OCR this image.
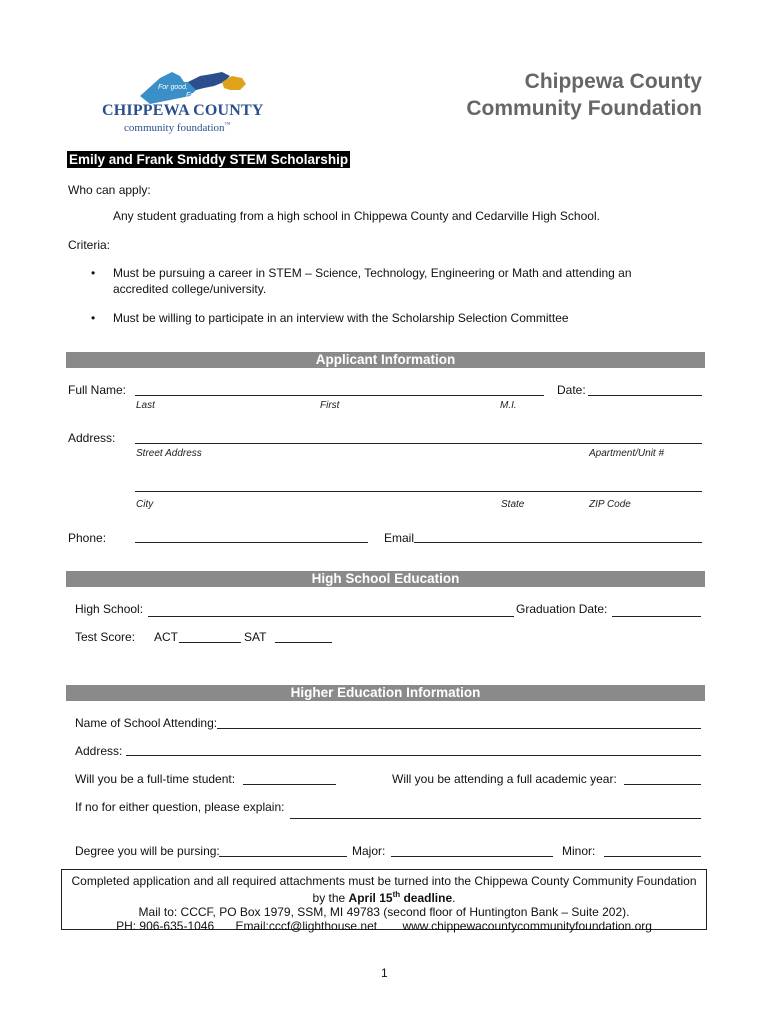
For good.
For ever.
CHIPPEWA COUNTY
community foundation™
Chippewa County
Community Foundation
Emily and Frank Smiddy STEM Scholarship
Who can apply:
Any student graduating from a high school in Chippewa County and Cedarville High School.
Criteria:
• Must be pursuing a career in STEM – Science, Technology, Engineering or Math and attending an
accredited college/university.
• Must be willing to participate in an interview with the Scholarship Selection Committee
Applicant Information
Full Name:	Date:
Last	First	M.I.
Address:
Street Address	Apartment/Unit #
City	State	ZIP Code
Phone:	Email
High School Education
High School:	Graduation Date:
Test Score: ACT	SAT
Higher Education Information
Name of School Attending:
Address:
Will you be a full-time student:	Will you be attending a full academic year:
If no for either question, please explain:
Degree you will be pursing:	Major:	Minor:
Completed application and all required attachments must be turned into the Chippewa County Community Foundation
by the April 15th deadline.
Mail to: CCCF, PO Box 1979, SSM, MI 49783 (second floor of Huntington Bank – Suite 202).
PH: 906-635-1046 Email:cccf@lighthouse.net www.chippewacountycommunityfoundation.org
1
